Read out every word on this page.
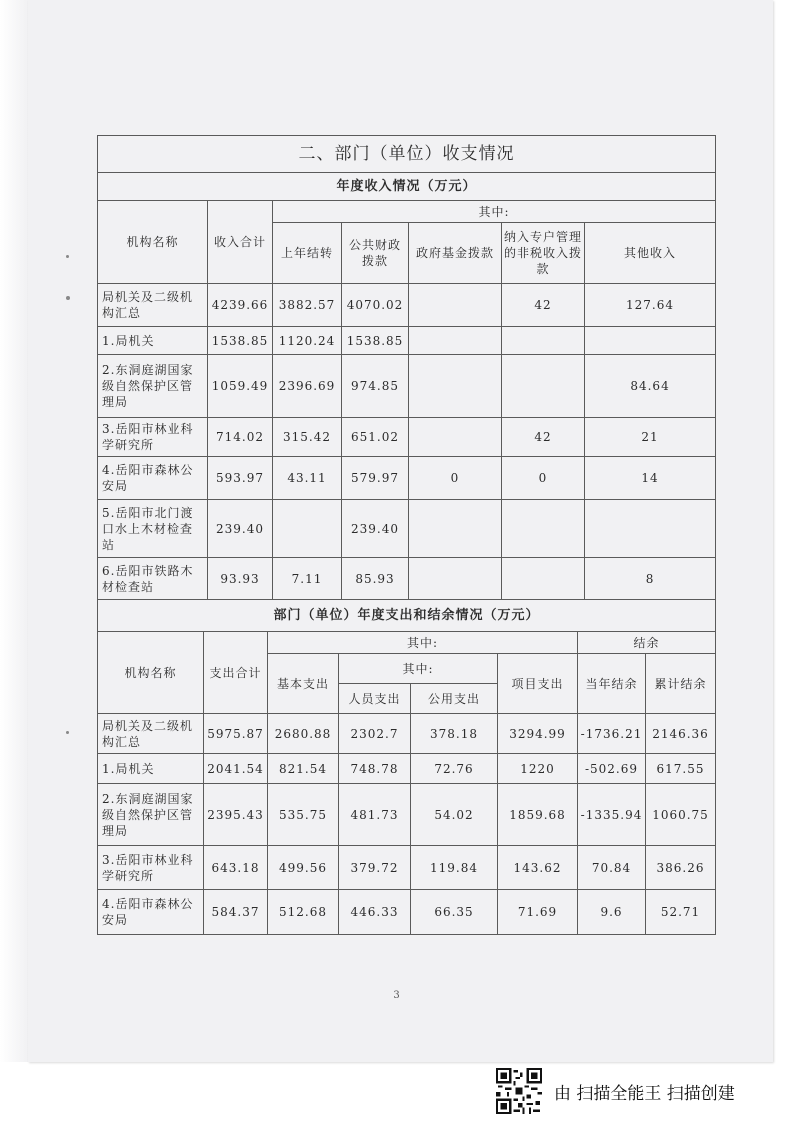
二、部门（单位）收支情况						
年度收入情况（万元）						
机构名称	收入合计	其中:				
		上年结转	公共财政拨款	政府基金拨款	纳入专户管理的非税收入拨款	其他收入
局机关及二级机构汇总	4239.66	3882.57	4070.02		42	127.64
1.局机关	1538.85	1120.24	1538.85			
2.东洞庭湖国家级自然保护区管理局	1059.49	2396.69	974.85			84.64
3.岳阳市林业科学研究所	714.02	315.42	651.02		42	21
4.岳阳市森林公安局	593.97	43.11	579.97	0	0	14
5.岳阳市北门渡口水上木材检查站	239.40		239.40			
6.岳阳市铁路木材检查站	93.93	7.11	85.93			8
部门（单位）年度支出和结余情况（万元）							
机构名称	支出合计	其中:				结余	
		基本支出	其中:		项目支出	当年结余	累计结余
			人员支出	公用支出			
局机关及二级机构汇总	5975.87	2680.88	2302.7	378.18	3294.99	-1736.21	2146.36
1.局机关	2041.54	821.54	748.78	72.76	1220	-502.69	617.55
2.东洞庭湖国家级自然保护区管理局	2395.43	535.75	481.73	54.02	1859.68	-1335.94	1060.75
3.岳阳市林业科学研究所	643.18	499.56	379.72	119.84	143.62	70.84	386.26
4.岳阳市森林公安局	584.37	512.68	446.33	66.35	71.69	9.6	52.71
3
由 扫描全能王 扫描创建
